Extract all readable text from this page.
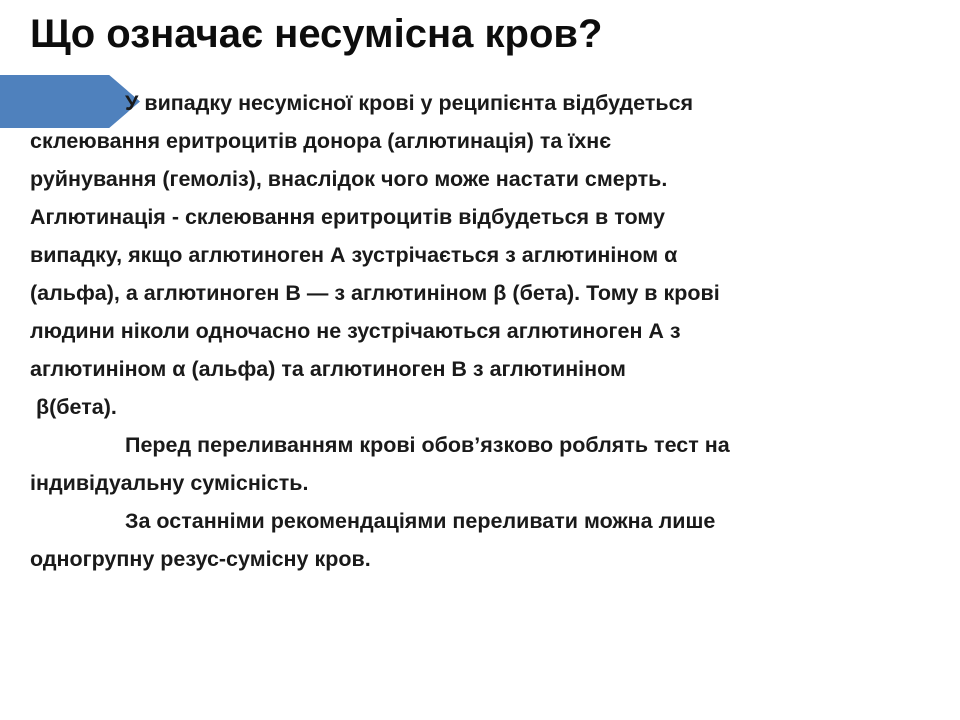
Що означає несумісна кров?
У випадку несумісної крові у реципієнта відбудеться
склеювання еритроцитів донора (аглютинація) та їхнє
руйнування (гемоліз), внаслідок чого може настати смерть.
Аглютинація - склеювання еритроцитів відбудеться в тому
випадку, якщо аглютиноген А зустрічається з аглютиніном α
(альфа), а аглютиноген В — з аглютиніном β (бета). Тому в крові
людини ніколи одночасно не зустрічаються аглютиноген А з
аглютиніном α (альфа) та аглютиноген В з аглютиніном
β(бета).
Перед переливанням крові обов’язково роблять тест на
індивідуальну сумісність.
За останніми рекомендаціями переливати можна лише
одногрупну резус-сумісну кров.
